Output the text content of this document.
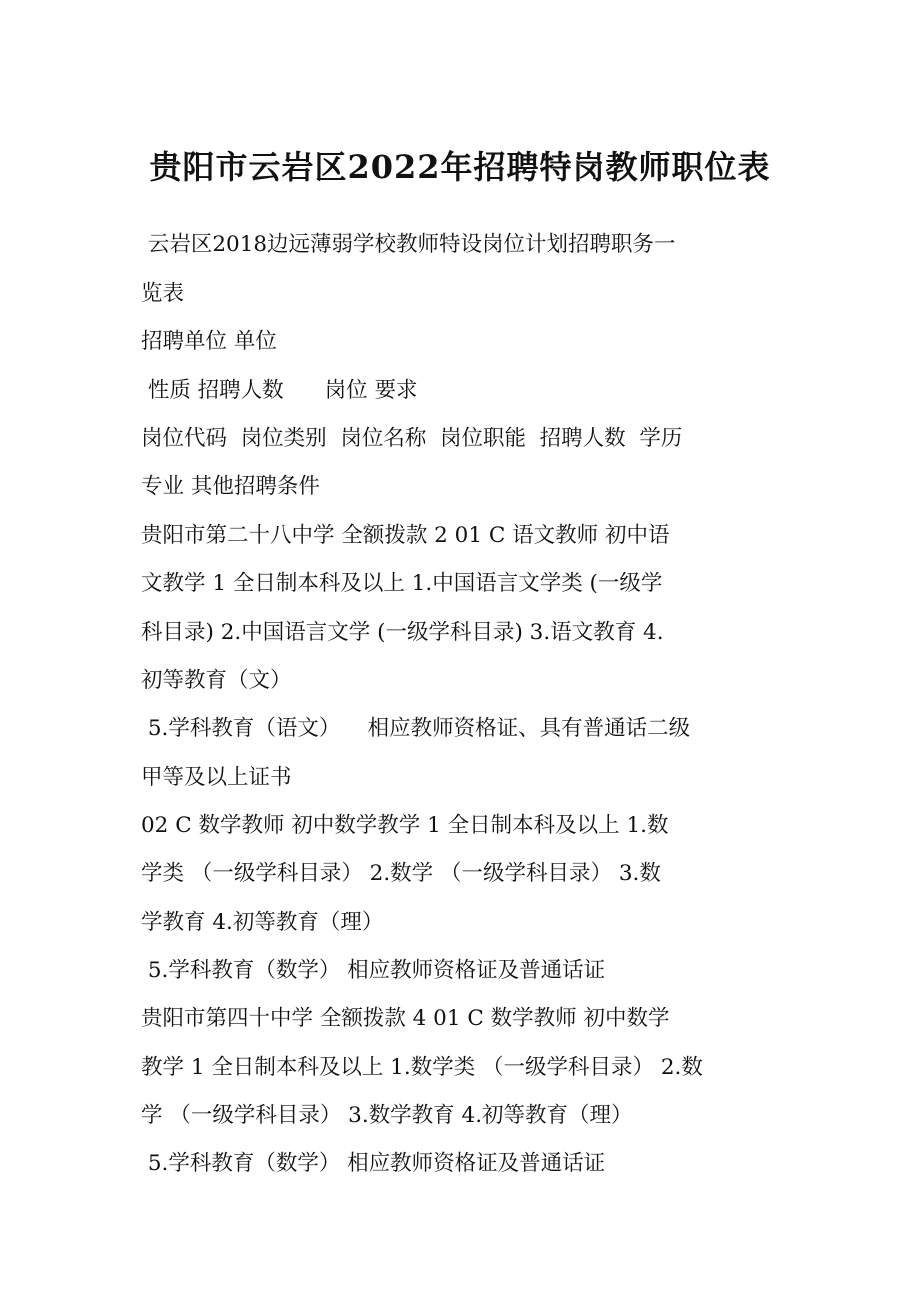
贵阳市云岩区2022年招聘特岗教师职位表
云岩区2018边远薄弱学校教师特设岗位计划招聘职务一
览表
招聘单位 单位
性质 招聘人数      岗位 要求
岗位代码  岗位类别  岗位名称  岗位职能  招聘人数  学历
专业 其他招聘条件
贵阳市第二十八中学 全额拨款 2 01 C 语文教师 初中语
文教学 1 全日制本科及以上 1.中国语言文学类 (一级学
科目录) 2.中国语言文学 (一级学科目录) 3.语文教育 4.
初等教育（文）
5.学科教育（语文）    相应教师资格证、具有普通话二级
甲等及以上证书
02 C 数学教师 初中数学教学 1 全日制本科及以上 1.数
学类 （一级学科目录） 2.数学 （一级学科目录） 3.数
学教育 4.初等教育（理）
5.学科教育（数学） 相应教师资格证及普通话证
贵阳市第四十中学 全额拨款 4 01 C 数学教师 初中数学
教学 1 全日制本科及以上 1.数学类 （一级学科目录） 2.数
学 （一级学科目录） 3.数学教育 4.初等教育（理）
5.学科教育（数学） 相应教师资格证及普通话证
